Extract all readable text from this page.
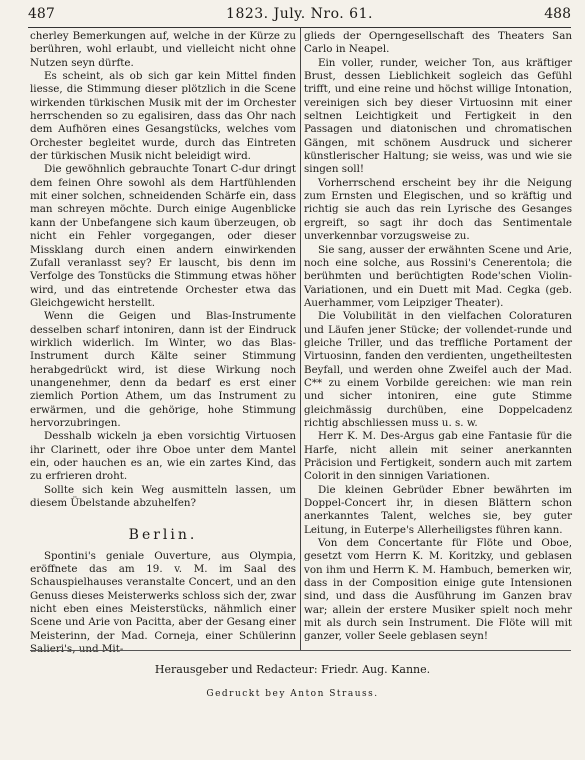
487	1823. July. Nro. 61.	488

cherley Bemerkungen auf, welche in der Kürze zu berühren, wohl erlaubt, und vielleicht nicht ohne Nutzen seyn dürfte.

Es scheint, als ob sich gar kein Mittel finden liesse, die Stimmung dieser plötzlich in die Scene wirkenden türkischen Musik mit der im Orchester herrschenden so zu egalisiren, dass das Ohr nach dem Aufhören eines Gesangstücks, welches vom Orchester begleitet wurde, durch das Eintreten der türkischen Musik nicht beleidigt wird.

Die gewöhnlich gebrauchte Tonart C-dur dringt dem feinen Ohre sowohl als dem Hartfühlenden mit einer solchen, schneidenden Schärfe ein, dass man schreyen möchte. Durch einige Augenblicke kann der Unbefangene sich kaum überzeugen, ob nicht ein Fehler vorgegangen, oder dieser Missklang durch einen andern einwirkenden Zufall veranlasst sey? Er lauscht, bis denn im Verfolge des Tonstücks die Stimmung etwas höher wird, und das eintretende Orchester etwa das Gleichgewicht herstellt.

Wenn die Geigen und Blas-Instrumente desselben scharf intoniren, dann ist der Eindruck wirklich widerlich. Im Winter, wo das Blas-Instrument durch Kälte seiner Stimmung herabgedrückt wird, ist diese Wirkung noch unangenehmer, denn da bedarf es erst einer ziemlich Portion Athem, um das Instrument zu erwärmen, und die gehörige, hohe Stimmung hervorzubringen.

Desshalb wickeln ja eben vorsichtig Virtuosen ihr Clarinett, oder ihre Oboe unter dem Mantel ein, oder hauchen es an, wie ein zartes Kind, das zu erfrieren droht.

Sollte sich kein Weg ausmitteln lassen, um diesem Übelstande abzuhelfen?

Berlin.

Spontini's geniale Ouverture, aus Olympia, eröffnete das am 19. v. M. im Saal des Schauspielhauses veranstalte Concert, und an den Genuss dieses Meisterwerks schloss sich der, zwar nicht eben eines Meisterstücks, nähmlich einer Scene und Arie von Pacitta, aber der Gesang einer Meisterinn, der Mad. Corneja, einer Schülerinn Salieri's, und Mit-

glieds der Operngesellschaft des Theaters San Carlo in Neapel.

Ein voller, runder, weicher Ton, aus kräftiger Brust, dessen Lieblichkeit sogleich das Gefühl trifft, und eine reine und höchst willige Intonation, vereinigen sich bey dieser Virtuosinn mit einer seltnen Leichtigkeit und Fertigkeit in den Passagen und diatonischen und chromatischen Gängen, mit schönem Ausdruck und sicherer künstlerischer Haltung; sie weiss, was und wie sie singen soll!

Vorherrschend erscheint bey ihr die Neigung zum Ernsten und Elegischen, und so kräftig und richtig sie auch das rein Lyrische des Gesanges ergreift, so sagt ihr doch das Sentimentale unverkennbar vorzugsweise zu.

Sie sang, ausser der erwähnten Scene und Arie, noch eine solche, aus Rossini's Cenerentola; die berühmten und berüchtigten Rode'schen Violin-Variationen, und ein Duett mit Mad. Cegka (geb. Auerhammer, vom Leipziger Theater).

Die Volubilität in den vielfachen Coloraturen und Läufen jener Stücke; der vollendet-runde und gleiche Triller, und das treffliche Portament der Virtuosinn, fanden den verdienten, ungetheiltesten Beyfall, und werden ohne Zweifel auch der Mad. C** zu einem Vorbilde gereichen: wie man rein und sicher intoniren, eine gute Stimme gleichmässig durchüben, eine Doppelcadenz richtig abschliessen muss u. s. w.

Herr K. M. Des-Argus gab eine Fantasie für die Harfe, nicht allein mit seiner anerkannten Präcision und Fertigkeit, sondern auch mit zartem Colorit in den sinnigen Variationen.

Die kleinen Gebrüder Ebner bewährten im Doppel-Concert ihr, in diesen Blättern schon anerkanntes Talent, welches sie, bey guter Leitung, in Euterpe's Allerheiligstes führen kann.

Von dem Concertante für Flöte und Oboe, gesetzt vom Herrn K. M. Koritzky, und geblasen von ihm und Herrn K. M. Hambuch, bemerken wir, dass in der Composition einige gute Intensionen sind, und dass die Ausführung im Ganzen brav war; allein der erstere Musiker spielt noch mehr mit als durch sein Instrument. Die Flöte will mit ganzer, voller Seele geblasen seyn!

Herausgeber und Redacteur: Friedr. Aug. Kanne.
Gedruckt bey Anton Strauss.
